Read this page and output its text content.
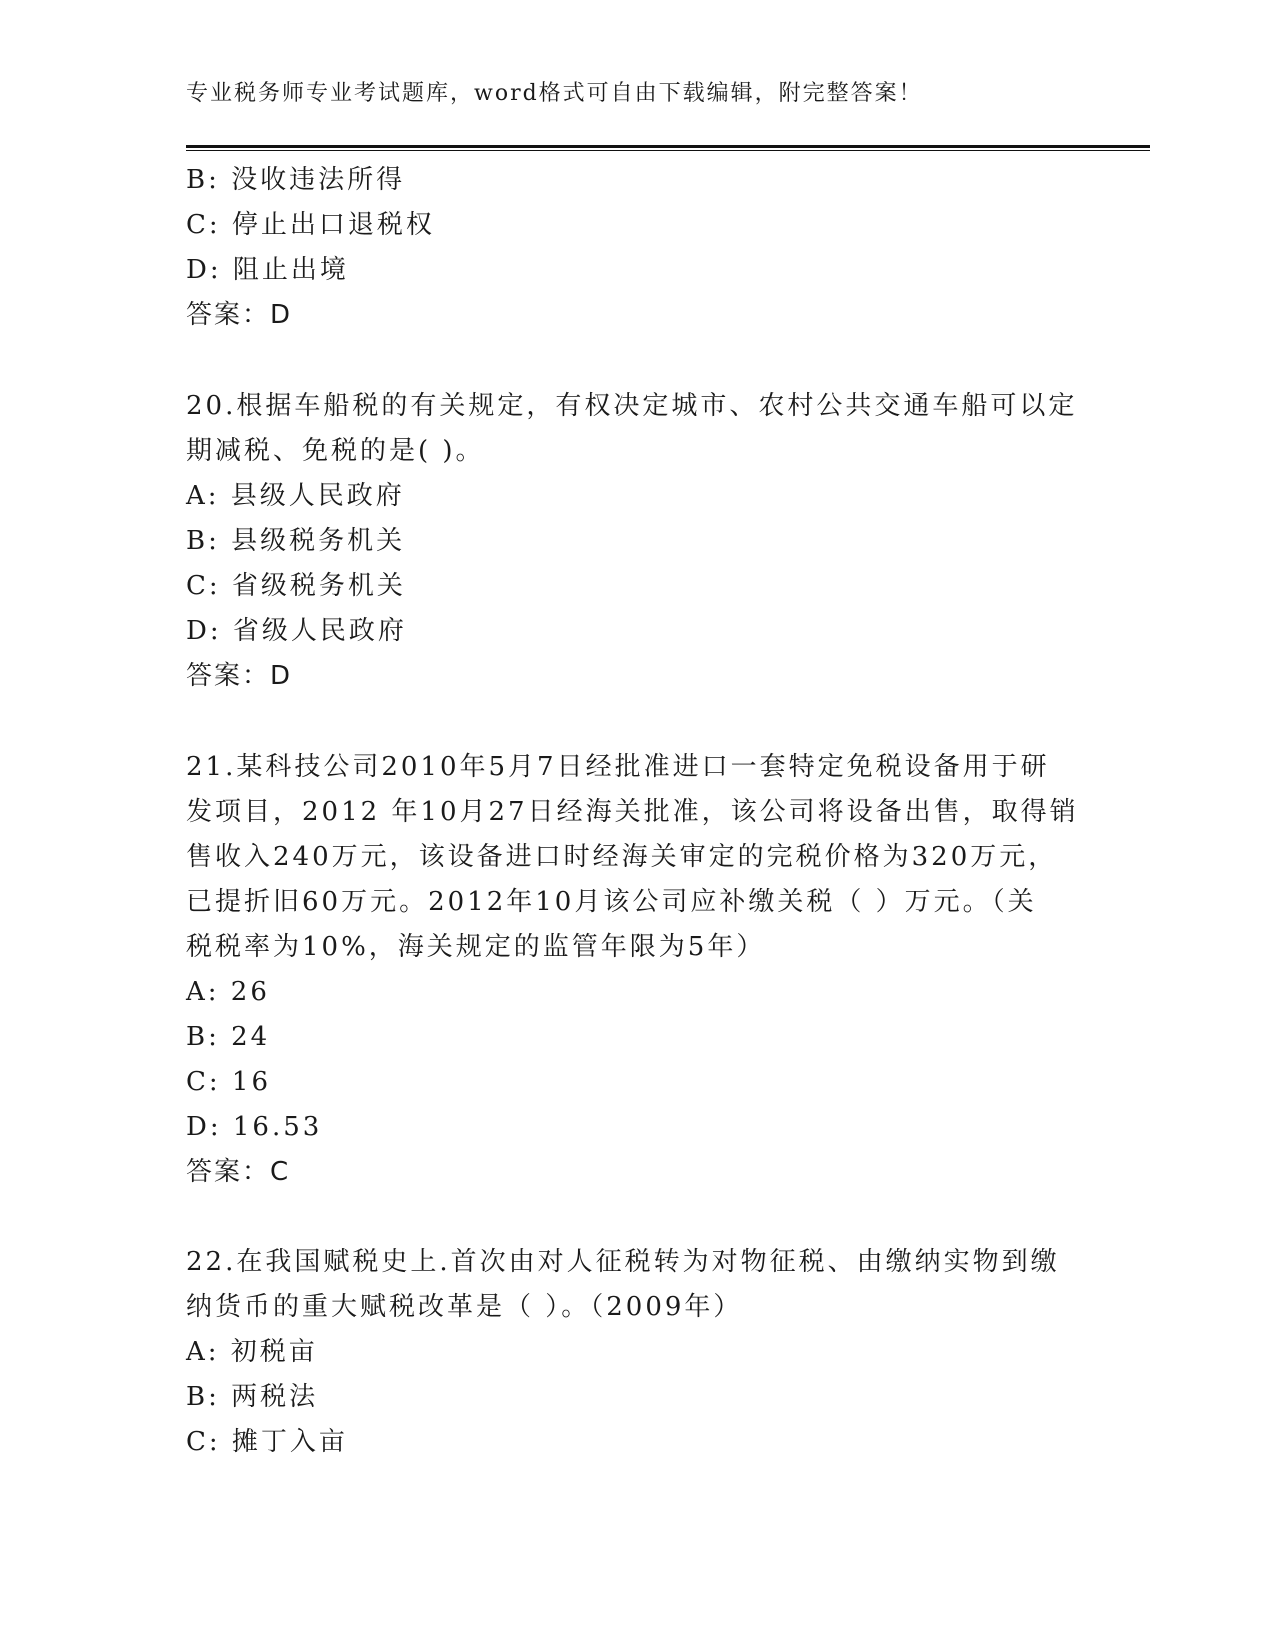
专业税务师专业考试题库，word格式可自由下载编辑，附完整答案！
B: 没收违法所得
C: 停止出口退税权
D: 阻止出境
答案：D
20.根据车船税的有关规定，有权决定城市、农村公共交通车船可以定
期减税、免税的是( )。
A: 县级人民政府
B: 县级税务机关
C: 省级税务机关
D: 省级人民政府
答案：D
21.某科技公司2010年5月7日经批准进口一套特定免税设备用于研
发项目，2012 年10月27日经海关批准，该公司将设备出售，取得销
售收入240万元，该设备进口时经海关审定的完税价格为320万元，
已提折旧60万元。2012年10月该公司应补缴关税（ ）万元。（关
税税率为10%，海关规定的监管年限为5年）
A: 26
B: 24
C: 16
D: 16.53
答案：C
22.在我国赋税史上.首次由对人征税转为对物征税、由缴纳实物到缴
纳货币的重大赋税改革是（ ）。（2009年）
A: 初税亩
B: 两税法
C: 摊丁入亩
